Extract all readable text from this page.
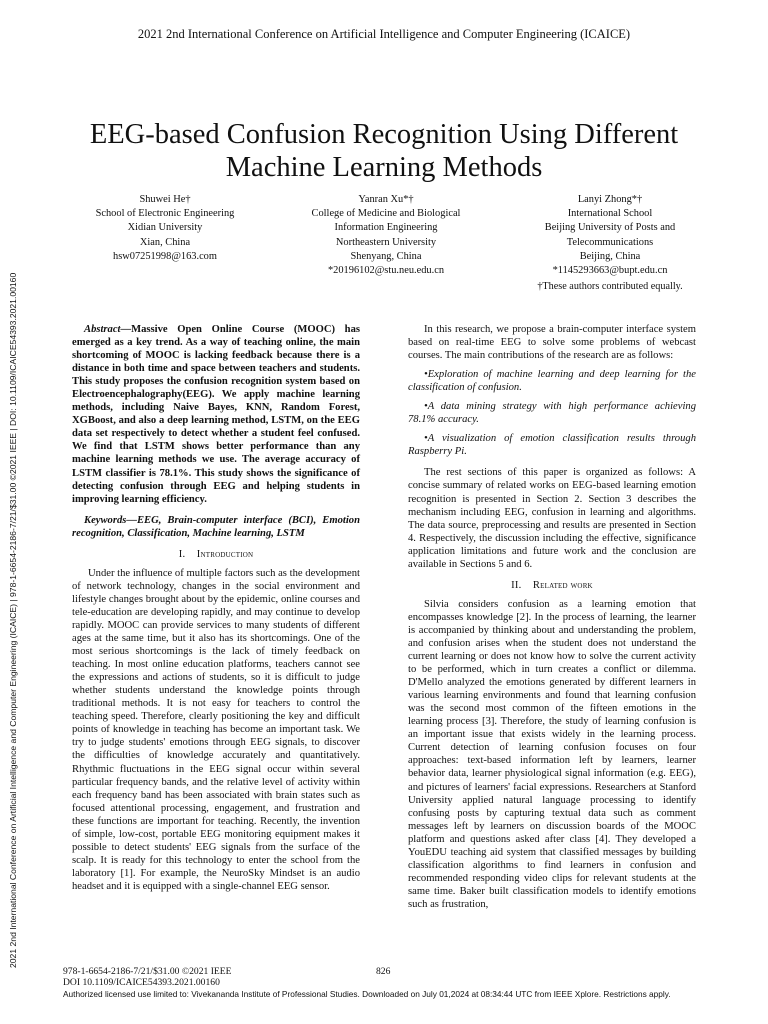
2021 2nd International Conference on Artificial Intelligence and Computer Engineering (ICAICE)
2021 2nd International Conference on Artificial Intelligence and Computer Engineering (ICAICE) | 978-1-6654-2186-7/21/$31.00 ©2021 IEEE | DOI: 10.1109/ICAICE54393.2021.00160
EEG-based Confusion Recognition Using Different Machine Learning Methods
Shuwei He†
School of Electronic Engineering
Xidian University
Xian, China
hsw07251998@163.com
Yanran Xu*†
College of Medicine and Biological
Information Engineering
Northeastern University
Shenyang, China
*20196102@stu.neu.edu.cn
Lanyi Zhong*†
International School
Beijing University of Posts and
Telecommunications
Beijing, China
*1145293663@bupt.edu.cn
†These authors contributed equally.

Abstract—Massive Open Online Course (MOOC) has emerged as a key trend. As a way of teaching online, the main shortcoming of MOOC is lacking feedback because there is a distance in both time and space between teachers and students. This study proposes the confusion recognition system based on Electroencephalography(EEG). We apply machine learning methods, including Naive Bayes, KNN, Random Forest, XGBoost, and also a deep learning method, LSTM, on the EEG data set respectively to detect whether a student feel confused. We find that LSTM shows better performance than any machine learning methods we use. The average accuracy of LSTM classifier is 78.1%. This study shows the significance of detecting confusion through EEG and helping students in improving learning efficiency.

Keywords—EEG, Brain-computer interface (BCI), Emotion recognition, Classification, Machine learning, LSTM

I. Introduction

Under the influence of multiple factors such as the development of network technology, changes in the social environment and lifestyle changes brought about by the epidemic, online courses and tele-education are developing rapidly, and may continue to develop rapidly. MOOC can provide services to many students of different ages at the same time, but it also has its shortcomings. One of the most serious shortcomings is the lack of timely feedback on teaching. In most online education platforms, teachers cannot see the expressions and actions of students, so it is difficult to judge whether students understand the knowledge points through traditional methods. It is not easy for teachers to control the teaching speed. Therefore, clearly positioning the key and difficult points of knowledge in teaching has become an important task. We try to judge students' emotions through EEG signals, to discover the difficulties of knowledge accurately and quantitatively. Rhythmic fluctuations in the EEG signal occur within several particular frequency bands, and the relative level of activity within each frequency band has been associated with brain states such as focused attentional processing, engagement, and frustration and these functions are important for teaching. Recently, the invention of simple, low-cost, portable EEG monitoring equipment makes it possible to detect students' EEG signals from the surface of the scalp. It is ready for this technology to enter the school from the laboratory [1]. For example, the NeuroSky Mindset is an audio headset and it is equipped with a single-channel EEG sensor.

In this research, we propose a brain-computer interface system based on real-time EEG to solve some problems of webcast courses. The main contributions of the research are as follows:

•Exploration of machine learning and deep learning for the classification of confusion.

•A data mining strategy with high performance achieving 78.1% accuracy.

•A visualization of emotion classification results through Raspberry Pi.

The rest sections of this paper is organized as follows: A concise summary of related works on EEG-based learning emotion recognition is presented in Section 2. Section 3 describes the mechanism including EEG, confusion in learning and algorithms. The data source, preprocessing and results are presented in Section 4. Respectively, the discussion including the effective, significance application limitations and future work and the conclusion are available in Sections 5 and 6.

II. Related work

Silvia considers confusion as a learning emotion that encompasses knowledge [2]. In the process of learning, the learner is accompanied by thinking about and understanding the problem, and confusion arises when the student does not understand the current learning or does not know how to solve the current activity to be performed, which in turn creates a conflict or dilemma. D'Mello analyzed the emotions generated by different learners in various learning environments and found that learning confusion was the second most common of the fifteen emotions in the learning process [3]. Therefore, the study of learning confusion is an important issue that exists widely in the learning process. Current detection of learning confusion focuses on four approaches: text-based information left by learners, learner behavior data, learner physiological signal information (e.g. EEG), and pictures of learners' facial expressions. Researchers at Stanford University applied natural language processing to identify confusing posts by capturing textual data such as comment messages left by learners on discussion boards of the MOOC platform and questions asked after class [4]. They developed a YouEDU teaching aid system that classified messages by building classification algorithms to find learners in confusion and recommended responding video clips for relevant students at the same time. Baker built classification models to identify emotions such as frustration,

978-1-6654-2186-7/21/$31.00 ©2021 IEEE
DOI 10.1109/ICAICE54393.2021.00160
826
Authorized licensed use limited to: Vivekananda Institute of Professional Studies. Downloaded on July 01,2024 at 08:34:44 UTC from IEEE Xplore. Restrictions apply.
